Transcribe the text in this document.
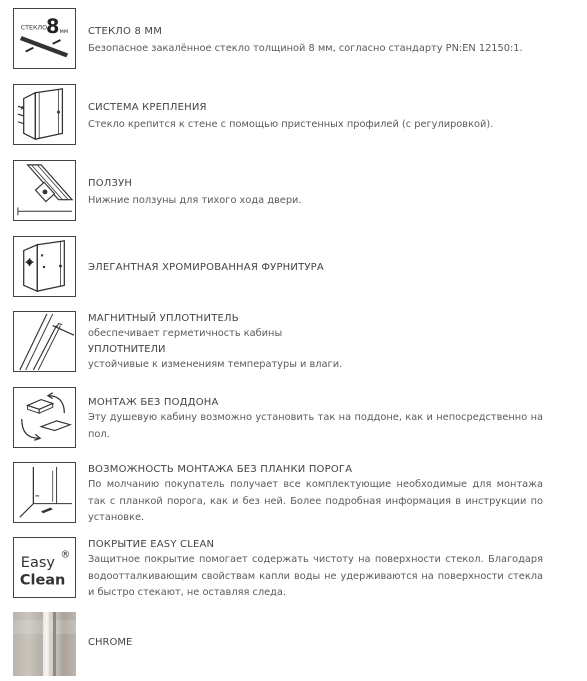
СТЕКЛО
8 мм СТЕКЛО 8 ММ
Безопасное закалённое стекло толщиной 8 мм, согласно стандарту PN:EN 12150:1.
СИСТЕМА КРЕПЛЕНИЯ
Стекло крепится к стене с помощью пристенных профилей (с регулировкой).
ПОЛЗУН
Нижние ползуны для тихого хода двери.
ЭЛЕГАНТНАЯ ХРОМИРОВАННАЯ ФУРНИТУРА
МАГНИТНЫЙ УПЛОТНИТЕЛЬ
обеспечивает герметичность кабины
УПЛОТНИТЕЛИ
устойчивые к изменениям температуры и влаги.
МОНТАЖ БЕЗ ПОДДОНА
Эту душевую кабину возможно установить так на поддоне, как и непосредственно на пол.
ВОЗМОЖНОСТЬ МОНТАЖА БЕЗ ПЛАНКИ ПОРОГА
По молчанию покупатель получает все комплектующие необходимые для монтажа так с планкой порога, как и без ней. Более подробная информация в инструкции по установке.
Easy
Clean
®
ПОКРЫТИЕ EASY CLEAN
Защитное покрытие помогает содержать чистоту на поверхности стекол. Благодаря водоотталкивающим свойствам капли воды не удерживаются на поверхности стекла и быстро стекают, не оставляя следа.
CHROME
